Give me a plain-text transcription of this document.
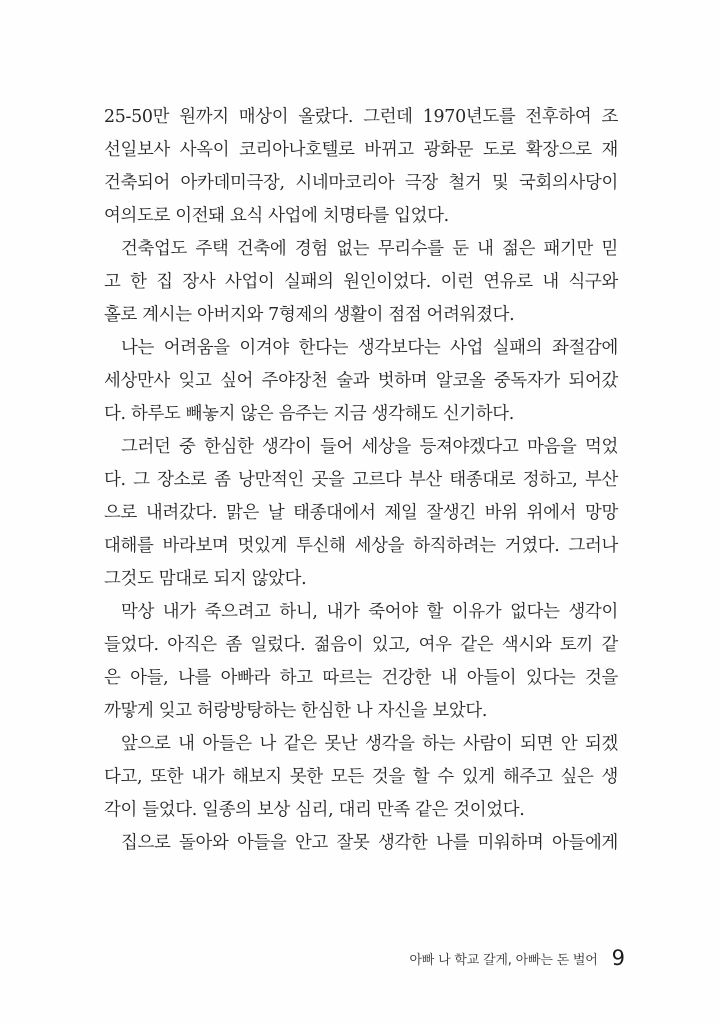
25-50만 원까지 매상이 올랐다. 그런데 1970년도를 전후하여 조
선일보사 사옥이 코리아나호텔로 바뀌고 광화문 도로 확장으로 재
건축되어 아카데미극장, 시네마코리아 극장 철거 및 국회의사당이
여의도로 이전돼 요식 사업에 치명타를 입었다.
건축업도 주택 건축에 경험 없는 무리수를 둔 내 젊은 패기만 믿
고 한 집 장사 사업이 실패의 원인이었다. 이런 연유로 내 식구와
홀로 계시는 아버지와 7형제의 생활이 점점 어려워졌다.
나는 어려움을 이겨야 한다는 생각보다는 사업 실패의 좌절감에
세상만사 잊고 싶어 주야장천 술과 벗하며 알코올 중독자가 되어갔
다. 하루도 빼놓지 않은 음주는 지금 생각해도 신기하다.
그러던 중 한심한 생각이 들어 세상을 등져야겠다고 마음을 먹었
다. 그 장소로 좀 낭만적인 곳을 고르다 부산 태종대로 정하고, 부산
으로 내려갔다. 맑은 날 태종대에서 제일 잘생긴 바위 위에서 망망
대해를 바라보며 멋있게 투신해 세상을 하직하려는 거였다. 그러나
그것도 맘대로 되지 않았다.
막상 내가 죽으려고 하니, 내가 죽어야 할 이유가 없다는 생각이
들었다. 아직은 좀 일렀다. 젊음이 있고, 여우 같은 색시와 토끼 같
은 아들, 나를 아빠라 하고 따르는 건강한 내 아들이 있다는 것을
까맣게 잊고 허랑방탕하는 한심한 나 자신을 보았다.
앞으로 내 아들은 나 같은 못난 생각을 하는 사람이 되면 안 되겠
다고, 또한 내가 해보지 못한 모든 것을 할 수 있게 해주고 싶은 생
각이 들었다. 일종의 보상 심리, 대리 만족 같은 것이었다.
집으로 돌아와 아들을 안고 잘못 생각한 나를 미워하며 아들에게
아빠 나 학교 갈게, 아빠는 돈 벌어 9
